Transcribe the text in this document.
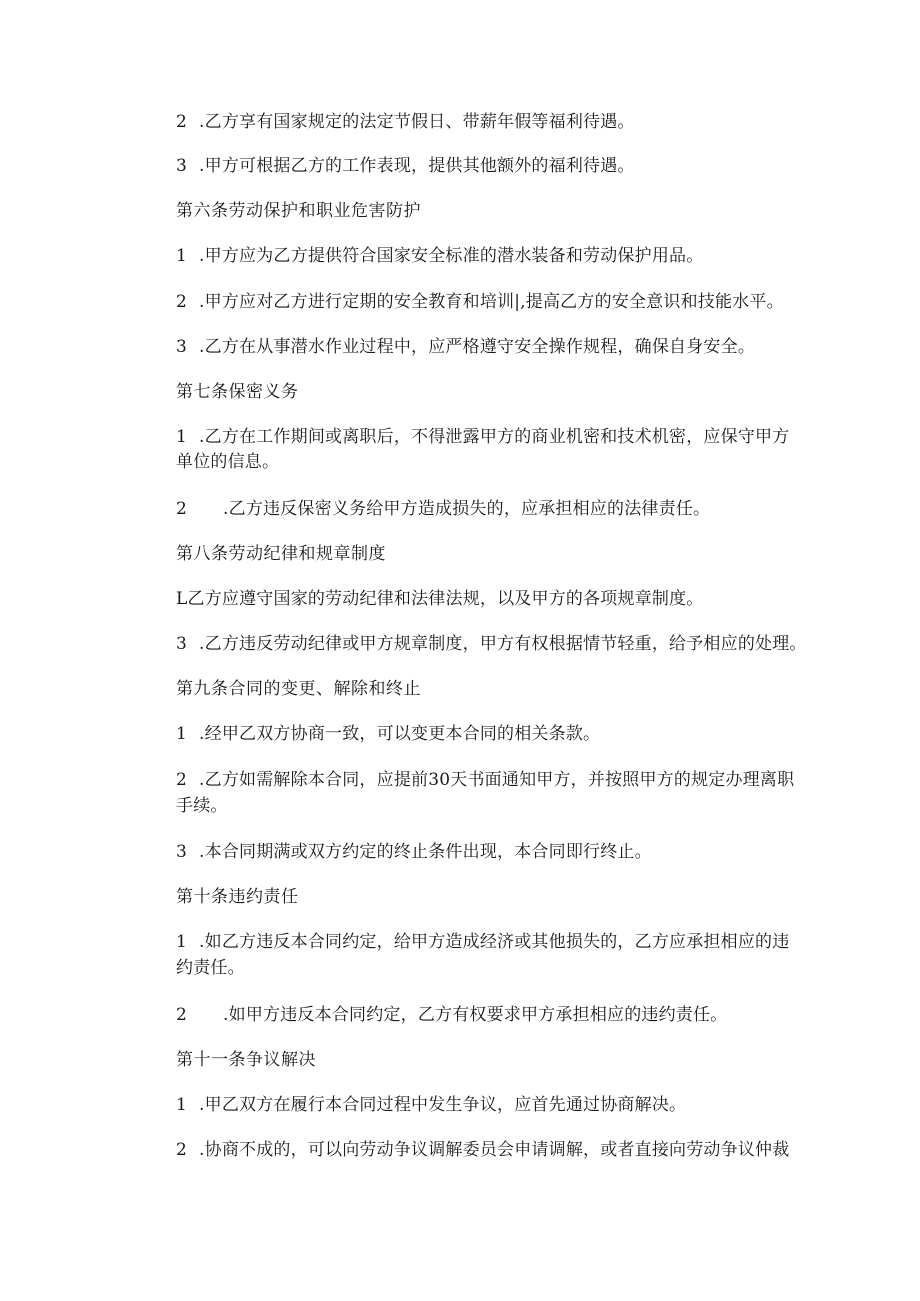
2 .乙方享有国家规定的法定节假日、带薪年假等福利待遇。
3 .甲方可根据乙方的工作表现，提供其他额外的福利待遇。
第六条劳动保护和职业危害防护
1 .甲方应为乙方提供符合国家安全标准的潜水装备和劳动保护用品。
2 .甲方应对乙方进行定期的安全教育和培训|,提高乙方的安全意识和技能水平。
3 .乙方在从事潜水作业过程中，应严格遵守安全操作规程，确保自身安全。
第七条保密义务
1 .乙方在工作期间或离职后，不得泄露甲方的商业机密和技术机密，应保守甲方
单位的信息。
2 .乙方违反保密义务给甲方造成损失的，应承担相应的法律责任。
第八条劳动纪律和规章制度
L乙方应遵守国家的劳动纪律和法律法规，以及甲方的各项规章制度。
3 .乙方违反劳动纪律或甲方规章制度，甲方有权根据情节轻重，给予相应的处理。
第九条合同的变更、解除和终止
1 .经甲乙双方协商一致，可以变更本合同的相关条款。
2 .乙方如需解除本合同，应提前30天书面通知甲方，并按照甲方的规定办理离职
手续。
3 .本合同期满或双方约定的终止条件出现，本合同即行终止。
第十条违约责任
1 .如乙方违反本合同约定，给甲方造成经济或其他损失的，乙方应承担相应的违
约责任。
2 .如甲方违反本合同约定，乙方有权要求甲方承担相应的违约责任。
第十一条争议解决
1 .甲乙双方在履行本合同过程中发生争议，应首先通过协商解决。
2 .协商不成的，可以向劳动争议调解委员会申请调解，或者直接向劳动争议仲裁
